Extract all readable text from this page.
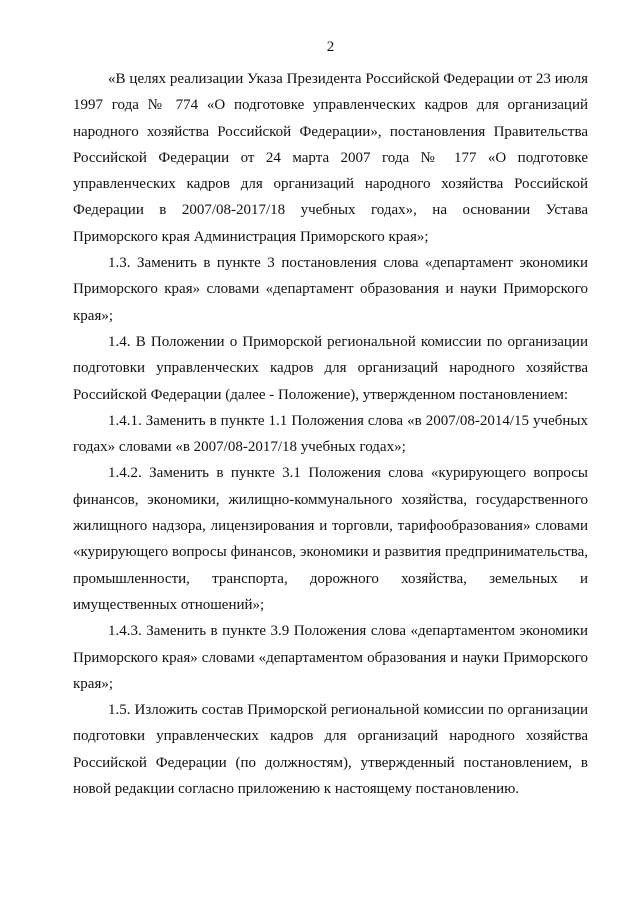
2

«В целях реализации Указа Президента Российской Федерации от 23 июля 1997 года № 774 «О подготовке управленческих кадров для организаций народного хозяйства Российской Федерации», постановления Правительства Российской Федерации от 24 марта 2007 года № 177 «О подготовке управленческих кадров для организаций народного хозяйства Российской Федерации в 2007/08-2017/18 учебных годах», на основании Устава Приморского края Администрация Приморского края»;

1.3. Заменить в пункте 3 постановления слова «департамент экономики Приморского края» словами «департамент образования и науки Приморского края»;

1.4. В Положении о Приморской региональной комиссии по организации подготовки управленческих кадров для организаций народного хозяйства Российской Федерации (далее - Положение), утвержденном постановлением:

1.4.1. Заменить в пункте 1.1 Положения слова «в 2007/08-2014/15 учебных годах» словами «в 2007/08-2017/18 учебных годах»;

1.4.2. Заменить в пункте 3.1 Положения слова «курирующего вопросы финансов, экономики, жилищно-коммунального хозяйства, государственного жилищного надзора, лицензирования и торговли, тарифообразования» словами «курирующего вопросы финансов, экономики и развития предпринимательства, промышленности, транспорта, дорожного хозяйства, земельных и имущественных отношений»;

1.4.3. Заменить в пункте 3.9 Положения слова «департаментом экономики Приморского края» словами «департаментом образования и науки Приморского края»;

1.5. Изложить состав Приморской региональной комиссии по организации подготовки управленческих кадров для организаций народного хозяйства Российской Федерации (по должностям), утвержденный постановлением, в новой редакции согласно приложению к настоящему постановлению.
